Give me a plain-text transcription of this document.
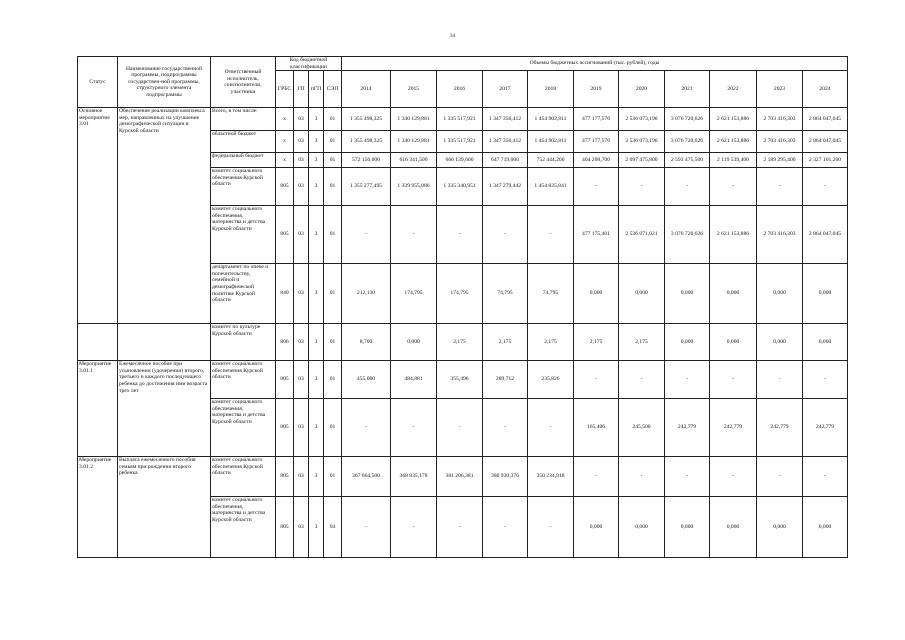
34
Статус	Наименование государственной программы, подпрограммы государствен-ной программы, структурного элемента подпрограммы	Ответственный исполнитель, соисполнители, участники	Код бюджетной классификации				Объемы бюджетных ассигнований (тыс. рублей), годы										
			ГРБС	ГП	пГП	СЭП	2014	2015	2016	2017	2018	2019	2020	2021	2022	2023	2024
Основное мероприятие 3.01	Обеспечение реализации комплекса мер, направленных на улучшение демографической ситуации в Курской области	Всего, в том числе:	x	03	3	01	1 355 498,325	1 340 129,881	1 335 517,921	1 347 356,412	1 454 902,811	477 177,576	2 536 073,196	3 076 720,626	2 621 153,886	2 703 416,303	2 864 047,045
		областной бюджет	x	03	3	01	1 355 498,325	1 340 129,881	1 335 517,921	1 347 356,412	1 454 902,811	477 177,576	2 536 073,196	3 076 720,626	2 621 153,886	2 703 416,303	2 864 047,045
		федеральный бюджет	x	03	3	01	572 156,000	616 341,500	666 139,600	647 719,000	752 444,200	404 208,700	2 097 475,800	2 593 475,500	2 119 539,400	2 189 295,400	2 327 101,200
		комитет социального обеспечения Курской области	805	03	3	01	1 355 277,495	1 339 955,086	1 335 340,951	1 347 279,442	1 454 825,841	-	-	-	-	-	-
		комитет социального обеспечения, материнства и детства Курской области	805	03	3	01	-	-	-	-	-	477 175,401	2 536 071,021	3 076 720,626	2 621 153,886	2 703 416,303	2 864 047,045
		департамент по опеке и попечительству, семейной и демографической политике Курской области	840	03	3	01	212,130	174,795	174,795	74,795	74,795	0,000	0,000	0,000	0,000	0,000	0,000
		комитет по культуре Курской области	806	03	3	01	8,700	0,000	2,175	2,175	2,175	2,175	2,175	0,000	0,000	0,000	0,000
Мероприятие 3.01.1	Ежемесячное пособие при усыновлении (удочерении) второго, третьего и каждого последующего ребенка до достижения ими возраста трех лет	комитет социального обеспечения Курской области	805	03	3	01	455,000	484,881	355,496	289,712	235,826	-	-	-	-	-	-
		комитет социального обеспечения, материнства и детства Курской области	805	03	3	01	-	-	-	-	-	165,406	245,500	242,779	242,779	242,779	242,779
Мероприятие 3.01.2	Выплата ежемесячного пособия семьям при рождении второго ребенка	комитет социального обеспечения Курской области	805	03	3	01	367 664,500	368 835,178	381 206,381	380 930,376	350 234,918	-	-	-	-	-	-
		комитет социального обеспечения, материнства и детства Курской области	805	03	3	04	-	-	-	-	-	0,000	0,000	0,000	0,000	0,000	0,000
